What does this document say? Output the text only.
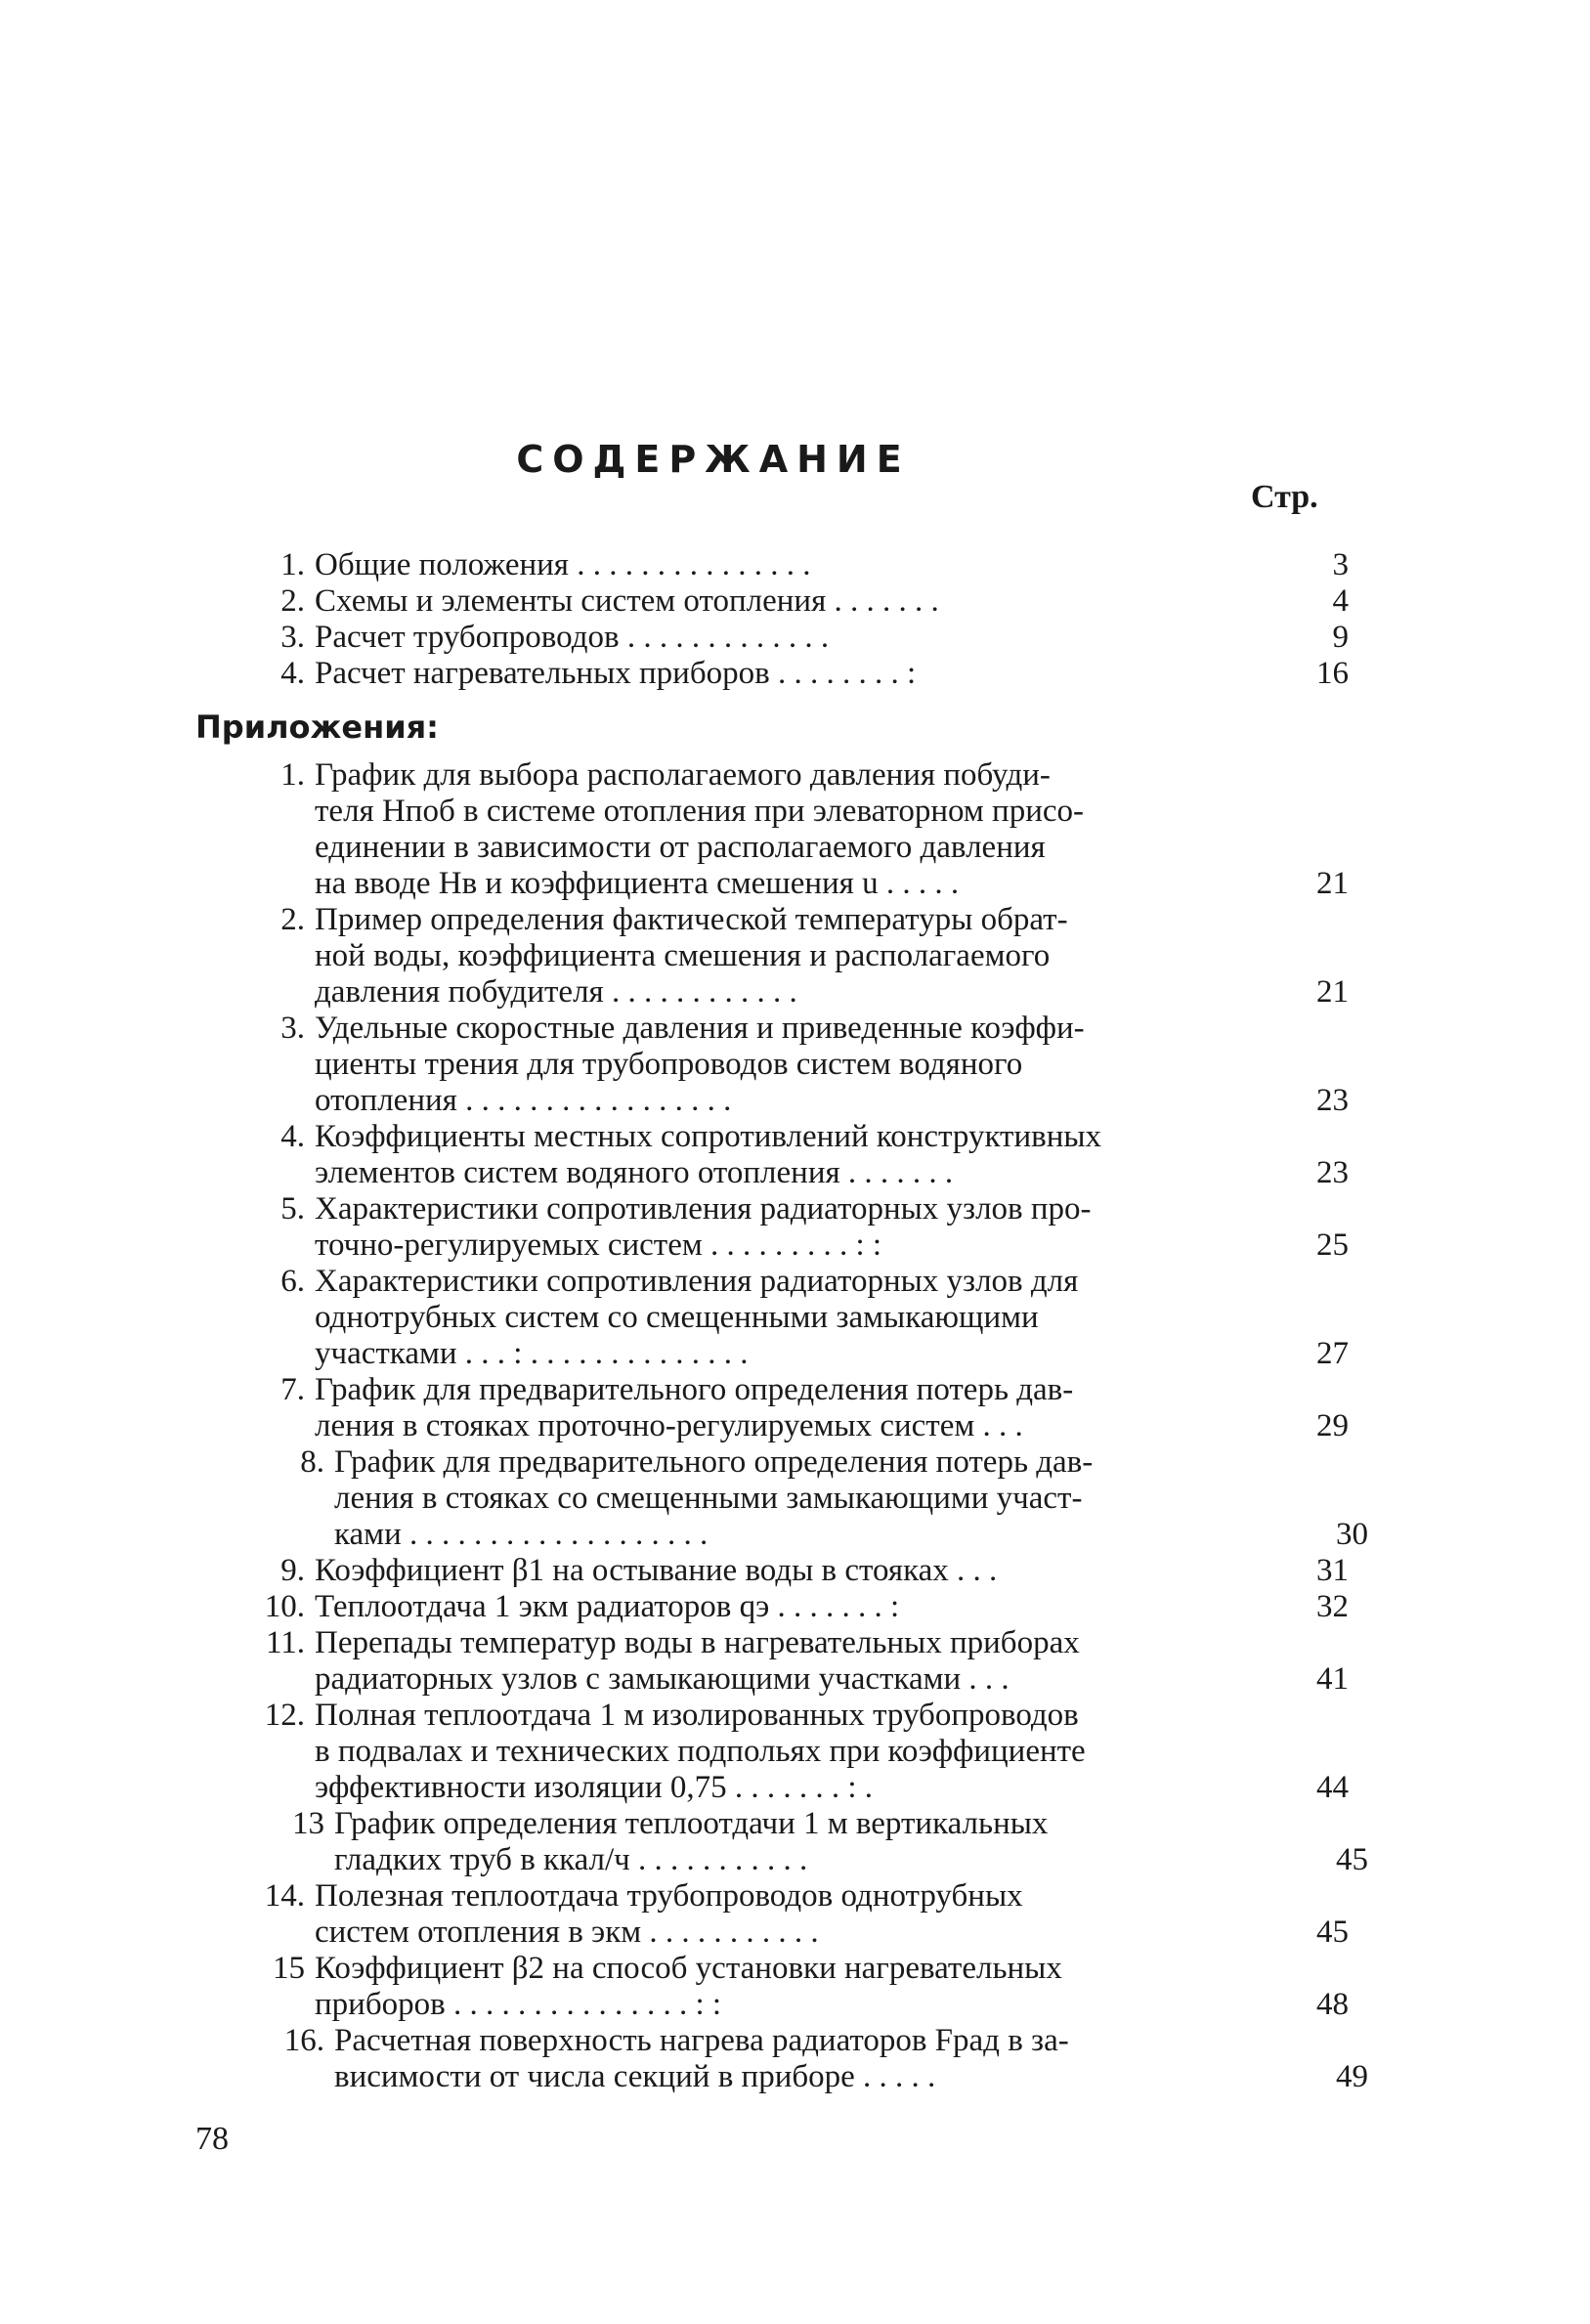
СОДЕРЖАНИЕ
Стр.
Приложения:
1. Общие положения . . . . . . . . . . . . . . .	3
2. Схемы и элементы систем отопления . . . . . . .	4
3. Расчет трубопроводов . . . . . . . . . . . . .	9
4. Расчет нагревательных приборов . . . . . . . . :	16
1. График для выбора располагаемого давления побуди-
теля Hпоб в системе отопления при элеваторном присо-
единении в зависимости от располагаемого давления
на вводе Hв и коэффициента смешения u . . . . .	21
2. Пример определения фактической температуры обрат-
ной воды, коэффициента смешения и располагаемого
давления побудителя . . . . . . . . . . . .	21
3. Удельные скоростные давления и приведенные коэффи-
циенты трения для трубопроводов систем водяного
отопления . . . . . . . . . . . . . . . . .	23
4. Коэффициенты местных сопротивлений конструктивных
элементов систем водяного отопления . . . . . . .	23
5. Характеристики сопротивления радиаторных узлов про-
точно-регулируемых систем . . . . . . . . . : :	25
6. Характеристики сопротивления радиаторных узлов для
однотрубных систем со смещенными замыкающими
участками . . . : . . . . . . . . . . . . . .	27
7. График для предварительного определения потерь дав-
ления в стояках проточно-регулируемых систем . . .	29
8. График для предварительного определения потерь дав-
ления в стояках со смещенными замыкающими участ-
ками . . . . . . . . . . . . . . . . . . .	30
9. Коэффициент β1 на остывание воды в стояках . . .	31
10. Теплоотдача 1 экм радиаторов qэ . . . . . . . :	32
11. Перепады температур воды в нагревательных приборах
радиаторных узлов с замыкающими участками . . .	41
12. Полная теплоотдача 1 м изолированных трубопроводов
в подвалах и технических подпольях при коэффициенте
эффективности изоляции 0,75 . . . . . . . : .	44
13 График определения теплоотдачи 1 м вертикальных
гладких труб в ккал/ч . . . . . . . . . . .	45
14. Полезная теплоотдача трубопроводов однотрубных
систем отопления в экм . . . . . . . . . . .	45
15 Коэффициент β2 на способ установки нагревательных
приборов . . . . . . . . . . . . . . . : :	48
16. Расчетная поверхность нагрева радиаторов Fрад в за-
висимости от числа секций в приборе . . . . .	49
78
